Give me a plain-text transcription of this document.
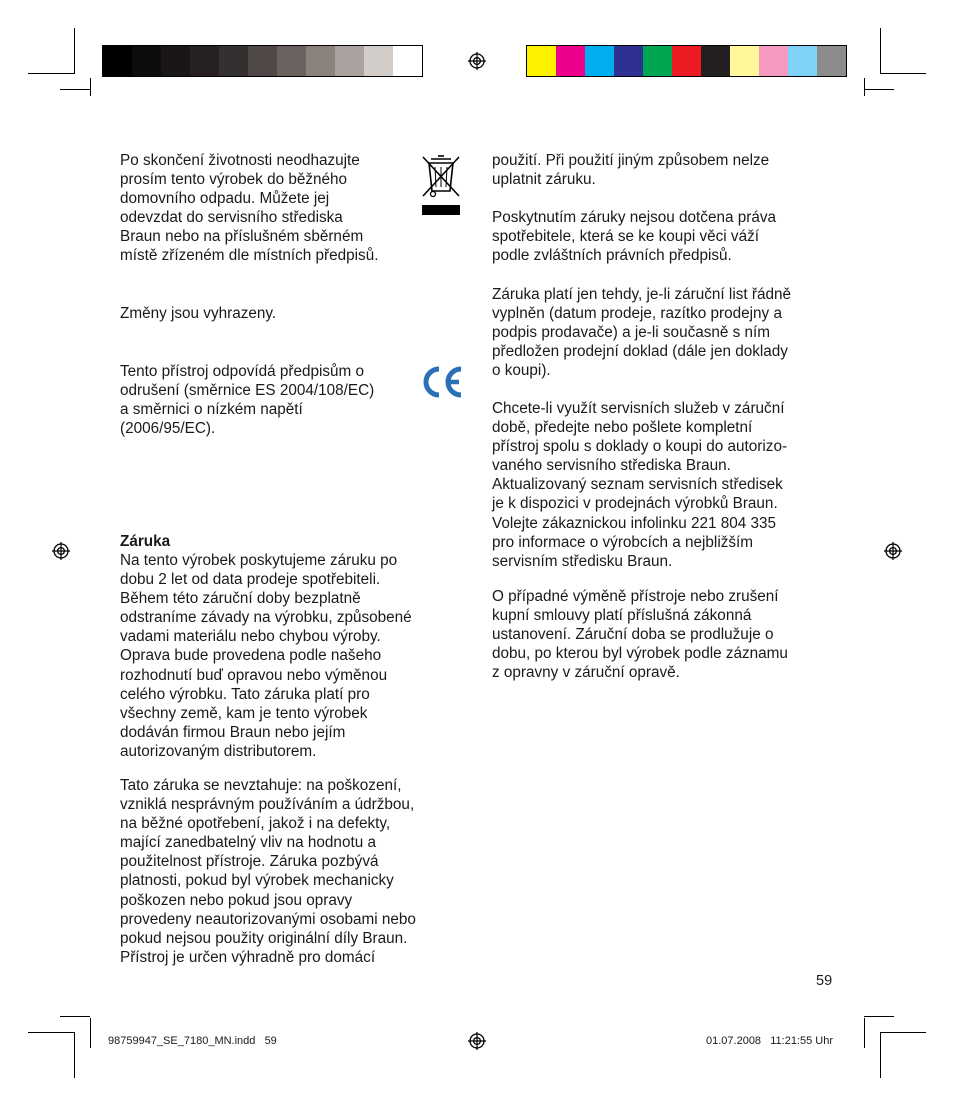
Po skončení životnosti neodhazujte
prosím tento výrobek do běžného
domovního odpadu. Můžete jej
odevzdat do servisního střediska
Braun nebo na příslušném sběrném
místě zřízeném dle místních předpisů.

Změny jsou vyhrazeny.

Tento přístroj odpovídá předpisům o
odrušení (směrnice ES 2004/108/EC)
a směrnici o nízkém napětí
(2006/95/EC).

Záruka

Na tento výrobek poskytujeme záruku po
dobu 2 let od data prodeje spotřebiteli.
Během této záruční doby bezplatně
odstraníme závady na výrobku, způsobené
vadami materiálu nebo chybou výroby.
Oprava bude provedena podle našeho
rozhodnutí buď opravou nebo výměnou
celého výrobku. Tato záruka platí pro
všechny země, kam je tento výrobek
dodáván firmou Braun nebo jejím
autorizovaným distributorem.

Tato záruka se nevztahuje: na poškození,
vzniklá nesprávným používáním a údržbou,
na běžné opotřebení, jakož i na defekty,
mající zanedbatelný vliv na hodnotu a
použitelnost přístroje. Záruka pozbývá
platnosti, pokud byl výrobek mechanicky
poškozen nebo pokud jsou opravy
provedeny neautorizovanými osobami nebo
pokud nejsou použity originální díly Braun.
Přístroj je určen výhradně pro domácí

použití. Při použití jiným způsobem nelze
uplatnit záruku.

Poskytnutím záruky nejsou dotčena práva
spotřebitele, která se ke koupi věci váží
podle zvláštních právních předpisů.

Záruka platí jen tehdy, je-li záruční list řádně
vyplněn (datum prodeje, razítko prodejny a
podpis prodavače) a je-li současně s ním
předložen prodejní doklad (dále jen doklady
o koupi).

Chcete-li využít servisních služeb v záruční
době, předejte nebo pošlete kompletní
přístroj spolu s doklady o koupi do autorizo-
vaného servisního střediska Braun.
Aktualizovaný seznam servisních středisek
je k dispozici v prodejnách výrobků Braun.
Volejte zákaznickou infolinku 221 804 335
pro informace o výrobcích a nejbližším
servisním středisku Braun.

O případné výměně přístroje nebo zrušení
kupní smlouvy platí příslušná zákonná
ustanovení. Záruční doba se prodlužuje o
dobu, po kterou byl výrobek podle záznamu
z opravny v záruční opravě.

59
98759947_SE_7180_MN.indd   59	01.07.2008   11:21:55 Uhr
